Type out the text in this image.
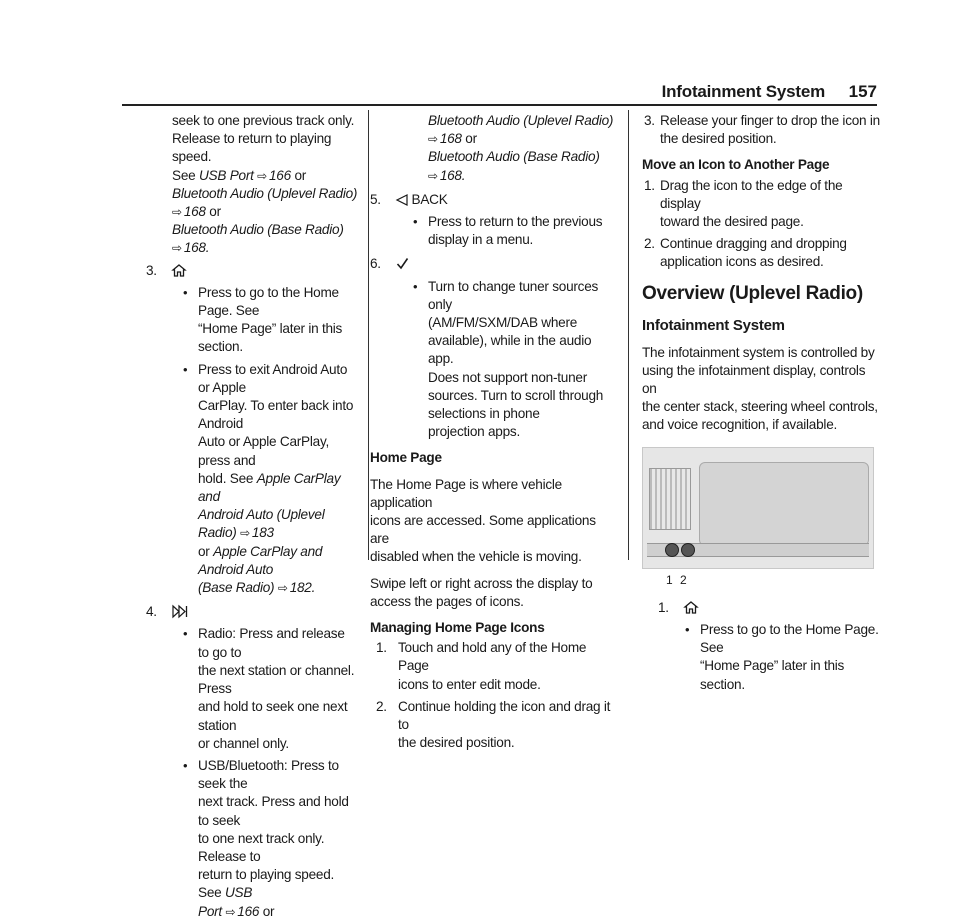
Infotainment System 157
seek to one previous track only.
Release to return to playing speed.
See USB Port ⇨ 166 or
Bluetooth Audio (Uplevel Radio)
⇨ 168 or
Bluetooth Audio (Base Radio)
⇨ 168.
3.
• Press to go to the Home Page. See
“Home Page” later in this section.
• Press to exit Android Auto or Apple
CarPlay. To enter back into Android
Auto or Apple CarPlay, press and
hold. See Apple CarPlay and
Android Auto (Uplevel Radio) ⇨ 183
or Apple CarPlay and Android Auto
(Base Radio) ⇨ 182.
4.
• Radio: Press and release to go to
the next station or channel. Press
and hold to seek one next station
or channel only.
• USB/Bluetooth: Press to seek the
next track. Press and hold to seek
to one next track only. Release to
return to playing speed. See USB
Port ⇨ 166 or
Bluetooth Audio (Uplevel Radio)
⇨ 168 or
Bluetooth Audio (Base Radio)
⇨ 168.
5.	BACK
• Press to return to the previous
display in a menu.
6.
• Turn to change tuner sources only
(AM/FM/SXM/DAB where
available), while in the audio app.
Does not support non-tuner
sources. Turn to scroll through
selections in phone
projection apps.
Home Page
The Home Page is where vehicle application
icons are accessed. Some applications are
disabled when the vehicle is moving.
Swipe left or right across the display to
access the pages of icons.
Managing Home Page Icons
1. Touch and hold any of the Home Page
icons to enter edit mode.
2. Continue holding the icon and drag it to
the desired position.
3. Release your finger to drop the icon in
the desired position.
Move an Icon to Another Page
1. Drag the icon to the edge of the display
toward the desired page.
2. Continue dragging and dropping
application icons as desired.
Overview (Uplevel Radio)
Infotainment System
The infotainment system is controlled by
using the infotainment display, controls on
the center stack, steering wheel controls,
and voice recognition, if available.
1 2
1.
• Press to go to the Home Page. See
“Home Page” later in this section.
